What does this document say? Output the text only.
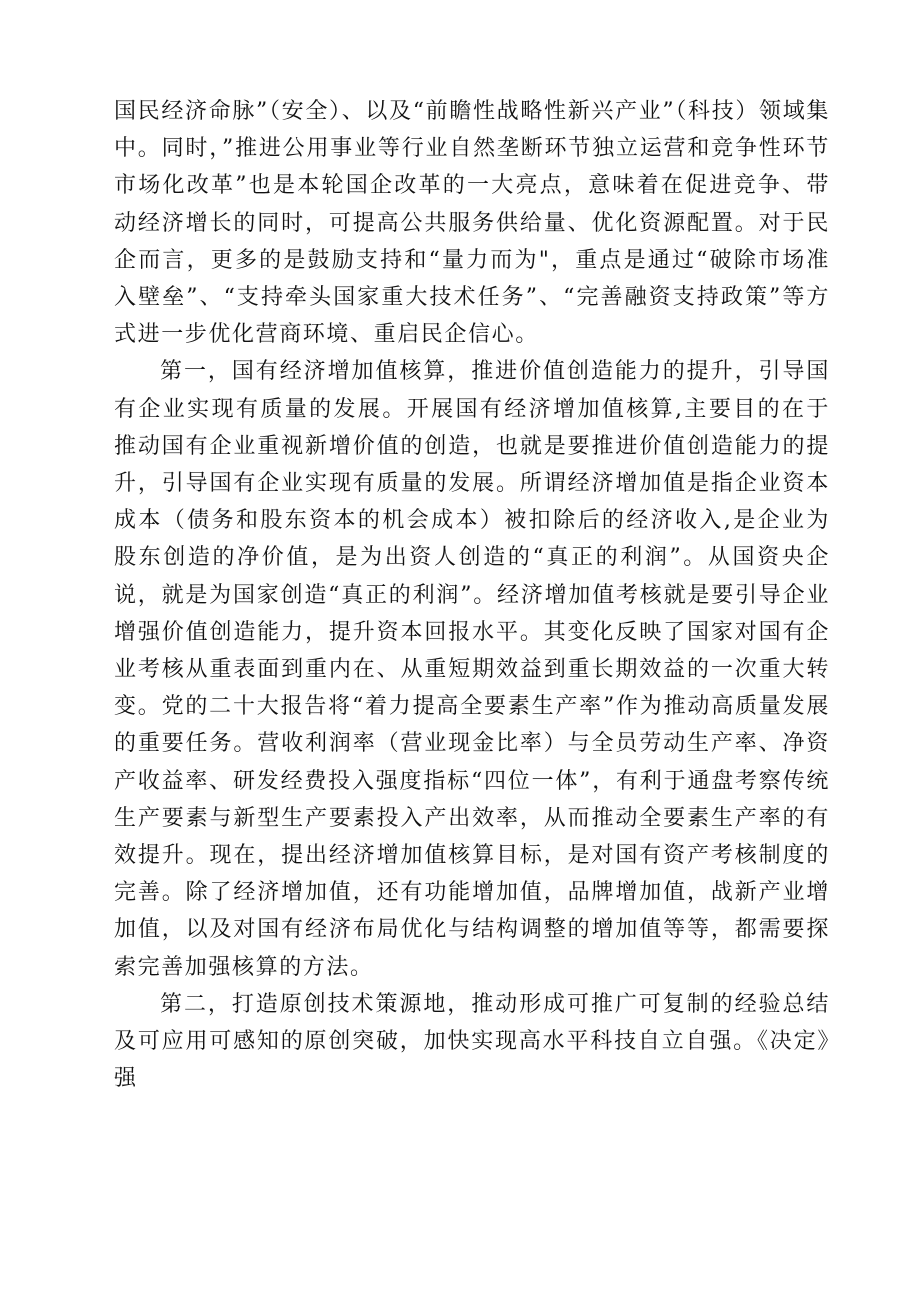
国民经济命脉”（安全）、以及“前瞻性战略性新兴产业”（科技）领域集中。同时，”推进公用事业等行业自然垄断环节独立运营和竞争性环节市场化改革”也是本轮国企改革的一大亮点，意味着在促进竞争、带动经济增长的同时，可提高公共服务供给量、优化资源配置。对于民企而言，更多的是鼓励支持和“量力而为"，重点是通过“破除市场准入壁垒”、“支持牵头国家重大技术任务”、“完善融资支持政策”等方式进一步优化营商环境、重启民企信心。

第一，国有经济增加值核算，推进价值创造能力的提升，引导国有企业实现有质量的发展。开展国有经济增加值核算,主要目的在于推动国有企业重视新增价值的创造，也就是要推进价值创造能力的提升，引导国有企业实现有质量的发展。所谓经济增加值是指企业资本成本（债务和股东资本的机会成本）被扣除后的经济收入,是企业为股东创造的净价值，是为出资人创造的“真正的利润”。从国资央企说，就是为国家创造“真正的利润”。经济增加值考核就是要引导企业增强价值创造能力，提升资本回报水平。其变化反映了国家对国有企业考核从重表面到重内在、从重短期效益到重长期效益的一次重大转变。党的二十大报告将“着力提高全要素生产率”作为推动高质量发展的重要任务。营收利润率（营业现金比率）与全员劳动生产率、净资产收益率、研发经费投入强度指标“四位一体”，有利于通盘考察传统生产要素与新型生产要素投入产出效率，从而推动全要素生产率的有效提升。现在，提出经济增加值核算目标，是对国有资产考核制度的完善。除了经济增加值，还有功能增加值，品牌增加值，战新产业增加值，以及对国有经济布局优化与结构调整的增加值等等，都需要探索完善加强核算的方法。

第二，打造原创技术策源地，推动形成可推广可复制的经验总结及可应用可感知的原创突破，加快实现高水平科技自立自强。《决定》强
